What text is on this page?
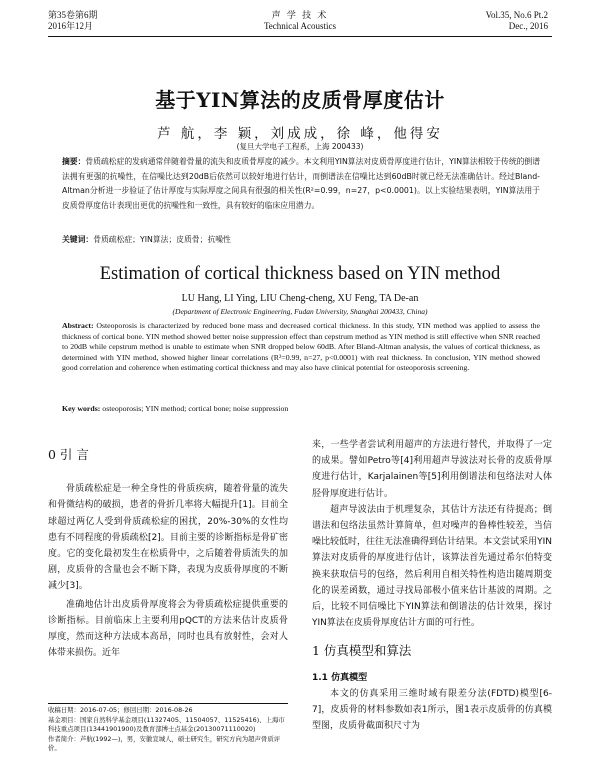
第35卷第6期
2016年12月
声 学 技 术
Technical Acoustics
Vol.35, No.6 Pt.2
Dec., 2016
基于YIN算法的皮质骨厚度估计
芦 航，李 颖，刘成成，徐 峰，他得安
(复旦大学电子工程系，上海 200433)
摘要：骨质疏松症的发病通常伴随着骨量的流失和皮质骨厚度的减少。本文利用YIN算法对皮质骨厚度进行估计，YIN算法相较于传统的倒谱法拥有更强的抗噪性，在信噪比达到20dB后依然可以较好地进行估计，而倒谱法在信噪比达到60dB时就已经无法准确估计。经过Bland-Altman分析进一步验证了估计厚度与实际厚度之间具有很强的相关性(R²=0.99，n=27，p<0.0001)。以上实验结果表明，YIN算法用于皮质骨厚度估计表现出更优的抗噪性和一致性，具有较好的临床应用潜力。
关键词：骨质疏松症；YIN算法；皮质骨；抗噪性
Estimation of cortical thickness based on YIN method
LU Hang, LI Ying, LIU Cheng-cheng, XU Feng, TA De-an
(Department of Electronic Engineering, Fudan University, Shanghai 200433, China)
Abstract: Osteoporosis is characterized by reduced bone mass and decreased cortical thickness. In this study, YIN method was applied to assess the thickness of cortical bone. YIN method showed better noise suppression effect than cepstrum method as YIN method is still effective when SNR reached to 20dB while cepstrum method is unable to estimate when SNR dropped below 60dB. After Bland-Altman analysis, the values of cortical thickness, as determined with YIN method, showed higher linear correlations (R²=0.99, n=27, p<0.0001) with real thickness. In conclusion, YIN method showed good correlation and coherence when estimating cortical thickness and may also have clinical potential for osteoporosis screening.
Key words: osteoporosis; YIN method; cortical bone; noise suppression
0 引 言
骨质疏松症是一种全身性的骨质疾病，随着骨量的流失和骨微结构的破损，患者的骨折几率将大幅提升[1]。目前全球超过两亿人受到骨质疏松症的困扰，20%-30%的女性均患有不同程度的骨质疏松[2]。目前主要的诊断指标是骨矿密度。它的变化最初发生在松质骨中，之后随着骨质流失的加剧，皮质骨的含量也会不断下降，表现为皮质骨厚度的不断减少[3]。
准确地估计出皮质骨厚度将会为骨质疏松症提供重要的诊断指标。目前临床上主要利用pQCT的方法来估计皮质骨厚度，然而这种方法成本高昂，同时也具有放射性，会对人体带来损伤。近年
来，一些学者尝试利用超声的方法进行替代，并取得了一定的成果。譬如Petro等[4]利用超声导波法对长骨的皮质骨厚度进行估计，Karjalainen等[5]利用倒谱法和包络法对人体胫骨厚度进行估计。
超声导波法由于机理复杂，其估计方法还有待提高；倒谱法和包络法虽然计算简单，但对噪声的鲁棒性较差，当信噪比较低时，往往无法准确得到估计结果。本文尝试采用YIN算法对皮质骨的厚度进行估计，该算法首先通过希尔伯特变换来获取信号的包络，然后利用自相关特性构造出随周期变化的误差函数，通过寻找局部极小值来估计基波的周期。之后，比较不同信噪比下YIN算法和倒谱法的估计效果，探讨YIN算法在皮质骨厚度估计方面的可行性。
1 仿真模型和算法
1.1 仿真模型
本文的仿真采用三维时域有限差分法(FDTD)模型[6-7]，皮质骨的材料参数如表1所示，图1表示皮质骨的仿真模型图，皮质骨截面积尺寸为
收稿日期：2016-07-05；修回日期：2016-08-26
基金项目：国家自然科学基金项目(11327405、11504057、11525416)、上海市科技重点项目(13441901900)及教育部博士点基金(20130071110020)
作者简介：芦航(1992—)，男，安徽宣城人，硕士研究生，研究方向为超声骨质评价。
